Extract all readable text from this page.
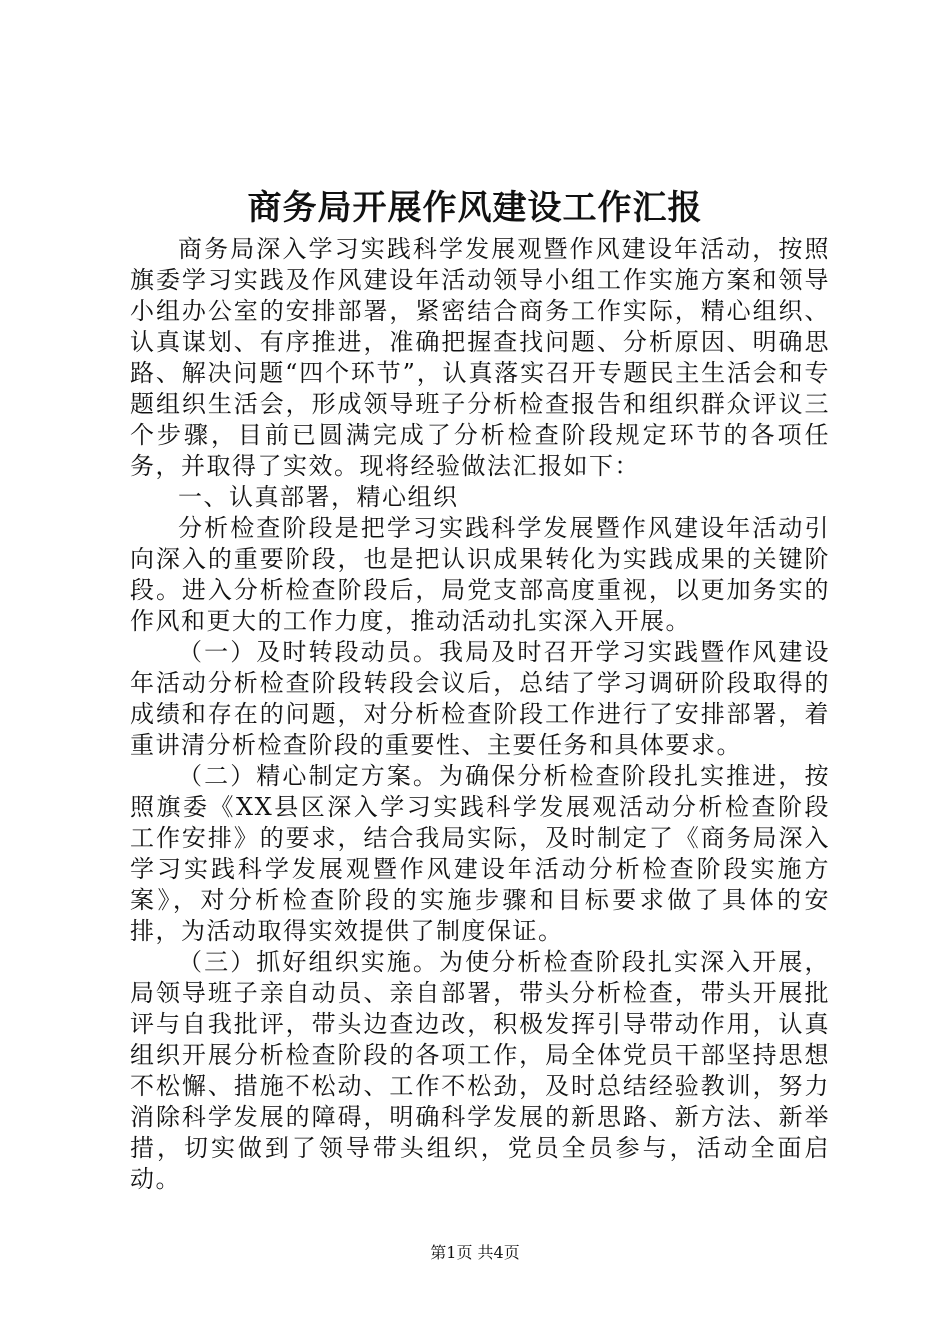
商务局开展作风建设工作汇报

商务局深入学习实践科学发展观暨作风建设年活动，按照旗委学习实践及作风建设年活动领导小组工作实施方案和领导小组办公室的安排部署，紧密结合商务工作实际，精心组织、认真谋划、有序推进，准确把握查找问题、分析原因、明确思路、解决问题“四个环节”，认真落实召开专题民主生活会和专题组织生活会，形成领导班子分析检查报告和组织群众评议三个步骤，目前已圆满完成了分析检查阶段规定环节的各项任务，并取得了实效。现将经验做法汇报如下：

一、认真部署，精心组织

分析检查阶段是把学习实践科学发展暨作风建设年活动引向深入的重要阶段，也是把认识成果转化为实践成果的关键阶段。进入分析检查阶段后，局党支部高度重视，以更加务实的作风和更大的工作力度，推动活动扎实深入开展。

（一）及时转段动员。我局及时召开学习实践暨作风建设年活动分析检查阶段转段会议后，总结了学习调研阶段取得的成绩和存在的问题，对分析检查阶段工作进行了安排部署，着重讲清分析检查阶段的重要性、主要任务和具体要求。

（二）精心制定方案。为确保分析检查阶段扎实推进，按照旗委《XX县区深入学习实践科学发展观活动分析检查阶段工作安排》的要求，结合我局实际，及时制定了《商务局深入学习实践科学发展观暨作风建设年活动分析检查阶段实施方案》，对分析检查阶段的实施步骤和目标要求做了具体的安排，为活动取得实效提供了制度保证。

（三）抓好组织实施。为使分析检查阶段扎实深入开展，局领导班子亲自动员、亲自部署，带头分析检查，带头开展批评与自我批评，带头边查边改，积极发挥引导带动作用，认真组织开展分析检查阶段的各项工作，局全体党员干部坚持思想不松懈、措施不松动、工作不松劲，及时总结经验教训，努力消除科学发展的障碍，明确科学发展的新思路、新方法、新举措，切实做到了领导带头组织，党员全员参与，活动全面启动。

第1页 共4页
